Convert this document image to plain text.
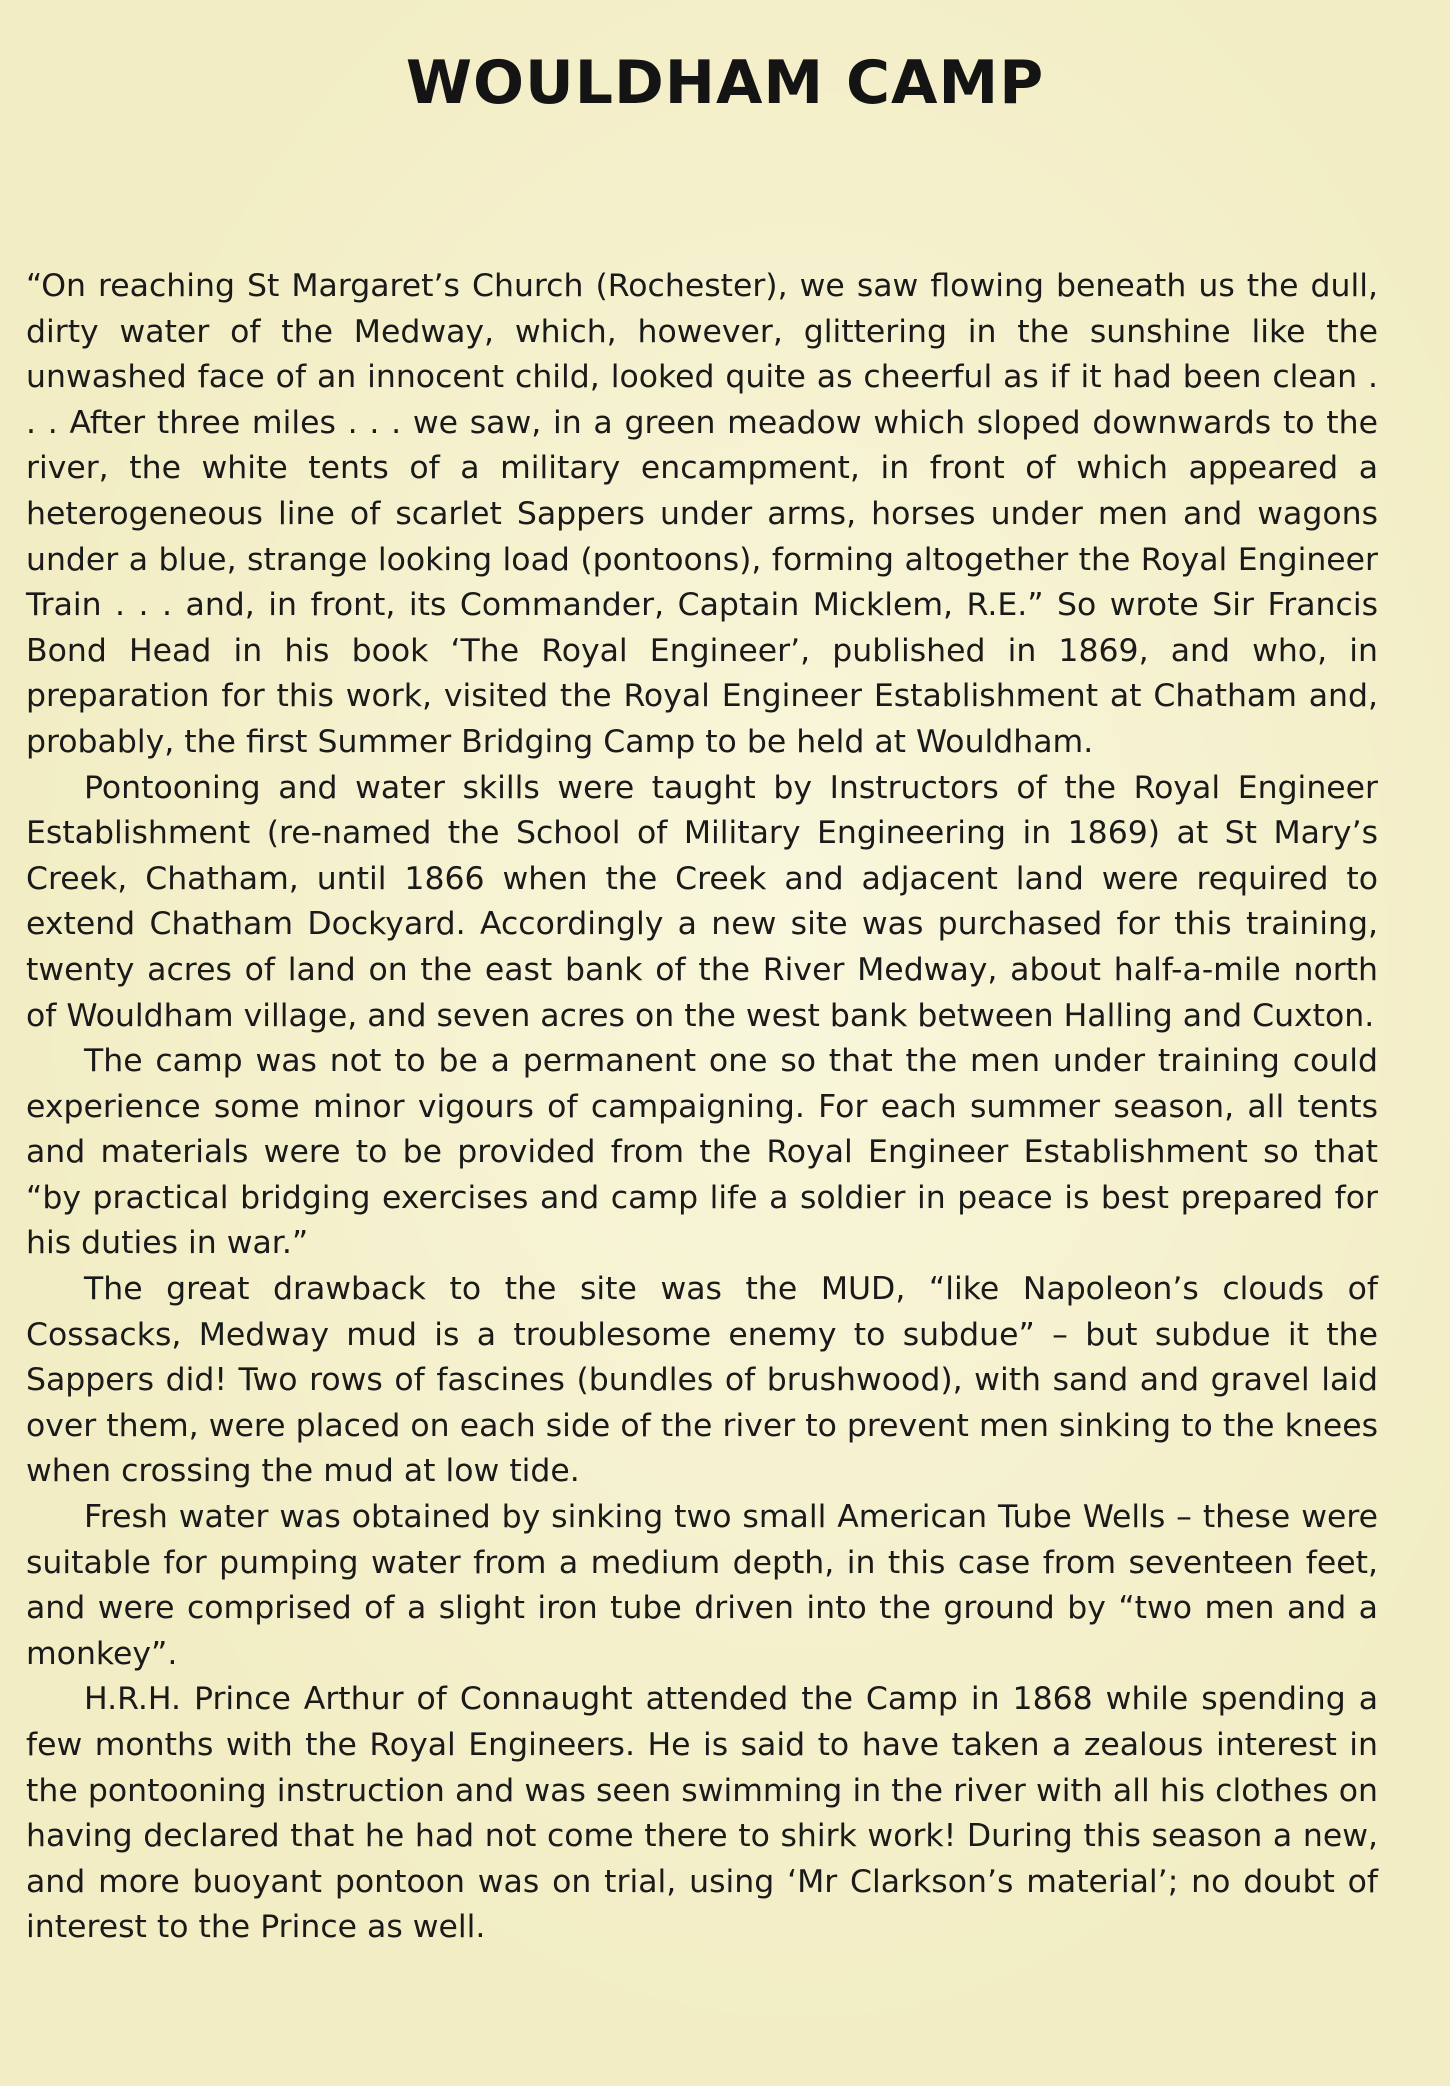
WOULDHAM CAMP

“On reaching St Margaret’s Church (Rochester), we saw flowing beneath us the dull, dirty water of the Medway, which, however, glittering in the sunshine like the unwashed face of an innocent child, looked quite as cheerful as if it had been clean . . . After three miles . . . we saw, in a green meadow which sloped downwards to the river, the white tents of a military encampment, in front of which appeared a heterogeneous line of scarlet Sappers under arms, horses under men and wagons under a blue, strange looking load (pontoons), forming altogether the Royal Engineer Train . . . and, in front, its Commander, Captain Micklem, R.E.” So wrote Sir Francis Bond Head in his book ‘The Royal Engineer’, published in 1869, and who, in preparation for this work, visited the Royal Engineer Establishment at Chatham and, probably, the first Summer Bridging Camp to be held at Wouldham.

Pontooning and water skills were taught by Instructors of the Royal Engineer Establishment (re-named the School of Military Engineering in 1869) at St Mary’s Creek, Chatham, until 1866 when the Creek and adjacent land were required to extend Chatham Dockyard. Accordingly a new site was purchased for this training, twenty acres of land on the east bank of the River Medway, about half-a-mile north of Wouldham village, and seven acres on the west bank between Halling and Cuxton.

The camp was not to be a permanent one so that the men under training could experience some minor vigours of campaigning. For each summer season, all tents and materials were to be provided from the Royal Engineer Establishment so that “by practical bridging exercises and camp life a soldier in peace is best prepared for his duties in war.”

The great drawback to the site was the MUD, “like Napoleon’s clouds of Cossacks, Medway mud is a troublesome enemy to subdue” – but subdue it the Sappers did! Two rows of fascines (bundles of brushwood), with sand and gravel laid over them, were placed on each side of the river to prevent men sinking to the knees when crossing the mud at low tide.

Fresh water was obtained by sinking two small American Tube Wells – these were suitable for pumping water from a medium depth, in this case from seventeen feet, and were comprised of a slight iron tube driven into the ground by “two men and a monkey”.

H.R.H. Prince Arthur of Connaught attended the Camp in 1868 while spending a few months with the Royal Engineers. He is said to have taken a zealous interest in the pontooning instruction and was seen swimming in the river with all his clothes on having declared that he had not come there to shirk work! During this season a new, and more buoyant pontoon was on trial, using ‘Mr Clarkson’s material’; no doubt of interest to the Prince as well.
